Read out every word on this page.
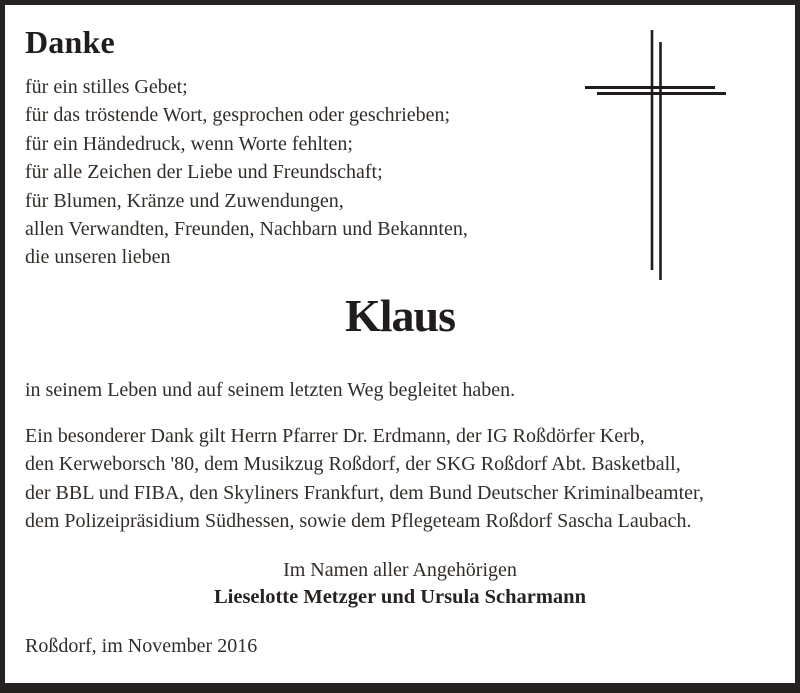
Danke
für ein stilles Gebet;
für das tröstende Wort, gesprochen oder geschrieben;
für ein Händedruck, wenn Worte fehlten;
für alle Zeichen der Liebe und Freundschaft;
für Blumen, Kränze und Zuwendungen,
allen Verwandten, Freunden, Nachbarn und Bekannten,
die unseren lieben
Klaus
in seinem Leben und auf seinem letzten Weg begleitet haben.
Ein besonderer Dank gilt Herrn Pfarrer Dr. Erdmann, der IG Roßdörfer Kerb,
den Kerweborsch '80, dem Musikzug Roßdorf, der SKG Roßdorf Abt. Basketball,
der BBL und FIBA, den Skyliners Frankfurt, dem Bund Deutscher Kriminalbeamter,
dem Polizeipräsidium Südhessen, sowie dem Pflegeteam Roßdorf Sascha Laubach.
Im Namen aller Angehörigen
Lieselotte Metzger und Ursula Scharmann
Roßdorf, im November 2016
